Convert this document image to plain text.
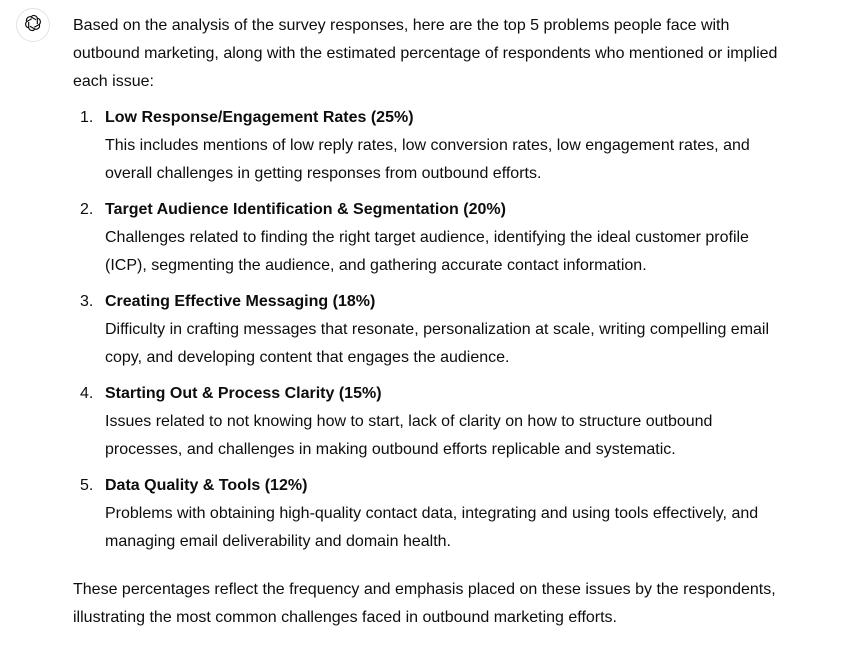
Based on the analysis of the survey responses, here are the top 5 problems people face with outbound marketing, along with the estimated percentage of respondents who mentioned or implied each issue:

1. Low Response/Engagement Rates (25%)
This includes mentions of low reply rates, low conversion rates, low engagement rates, and overall challenges in getting responses from outbound efforts.
2. Target Audience Identification & Segmentation (20%)
Challenges related to finding the right target audience, identifying the ideal customer profile (ICP), segmenting the audience, and gathering accurate contact information.
3. Creating Effective Messaging (18%)
Difficulty in crafting messages that resonate, personalization at scale, writing compelling email copy, and developing content that engages the audience.
4. Starting Out & Process Clarity (15%)
Issues related to not knowing how to start, lack of clarity on how to structure outbound processes, and challenges in making outbound efforts replicable and systematic.
5. Data Quality & Tools (12%)
Problems with obtaining high-quality contact data, integrating and using tools effectively, and managing email deliverability and domain health.

These percentages reflect the frequency and emphasis placed on these issues by the respondents, illustrating the most common challenges faced in outbound marketing efforts.
